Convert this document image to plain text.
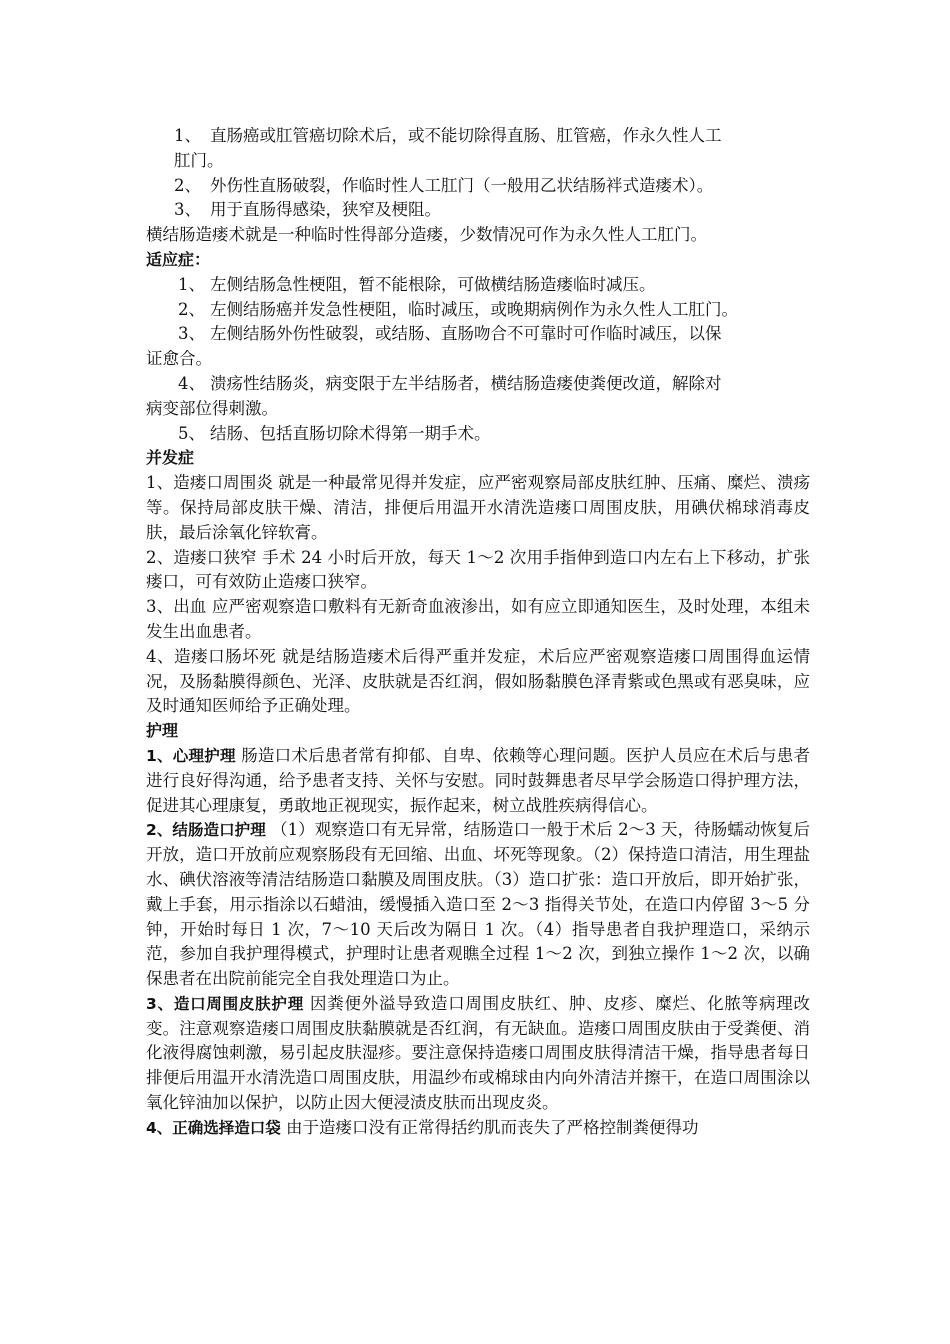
1、 直肠癌或肛管癌切除术后，或不能切除得直肠、肛管癌，作永久性人工
肛门。
2、 外伤性直肠破裂，作临时性人工肛门（一般用乙状结肠袢式造瘘术）。
3、 用于直肠得感染，狭窄及梗阻。
横结肠造瘘术就是一种临时性得部分造瘘，少数情况可作为永久性人工肛门。
适应症：
1、 左侧结肠急性梗阻，暂不能根除，可做横结肠造瘘临时减压。
2、 左侧结肠癌并发急性梗阻，临时减压，或晚期病例作为永久性人工肛门。
3、 左侧结肠外伤性破裂，或结肠、直肠吻合不可靠时可作临时减压，以保
证愈合。
4、 溃疡性结肠炎，病变限于左半结肠者，横结肠造瘘使粪便改道，解除对
病变部位得刺激。
5、 结肠、包括直肠切除术得第一期手术。
并发症

1、造瘘口周围炎 就是一种最常见得并发症，应严密观察局部皮肤红肿、压痛、糜烂、溃疡等。保持局部皮肤干燥、清洁，排便后用温开水清洗造瘘口周围皮肤，用碘伏棉球消毒皮肤，最后涂氧化锌软膏。

2、造瘘口狭窄 手术 24 小时后开放，每天 1～2 次用手指伸到造口内左右上下移动，扩张瘘口，可有效防止造瘘口狭窄。

3、出血 应严密观察造口敷料有无新奇血液渗出，如有应立即通知医生，及时处理，本组未发生出血患者。

4、造瘘口肠坏死 就是结肠造瘘术后得严重并发症，术后应严密观察造瘘口周围得血运情况，及肠黏膜得颜色、光泽、皮肤就是否红润，假如肠黏膜色泽青紫或色黑或有恶臭味，应及时通知医师给予正确处理。

护理

1、心理护理 肠造口术后患者常有抑郁、自卑、依赖等心理问题。医护人员应在术后与患者进行良好得沟通，给予患者支持、关怀与安慰。同时鼓舞患者尽早学会肠造口得护理方法，促进其心理康复，勇敢地正视现实，振作起来，树立战胜疾病得信心。

2、结肠造口护理 （1）观察造口有无异常，结肠造口一般于术后 2～3 天，待肠蠕动恢复后开放，造口开放前应观察肠段有无回缩、出血、坏死等现象。（2）保持造口清洁，用生理盐水、碘伏溶液等清洁结肠造口黏膜及周围皮肤。（3）造口扩张：造口开放后，即开始扩张，戴上手套，用示指涂以石蜡油，缓慢插入造口至 2～3 指得关节处，在造口内停留 3～5 分钟，开始时每日 1 次，7～10 天后改为隔日 1 次。（4）指导患者自我护理造口，采纳示范，参加自我护理得模式，护理时让患者观瞧全过程 1～2 次，到独立操作 1～2 次，以确保患者在出院前能完全自我处理造口为止。

3、造口周围皮肤护理 因粪便外溢导致造口周围皮肤红、肿、皮疹、糜烂、化脓等病理改变。注意观察造瘘口周围皮肤黏膜就是否红润，有无缺血。造瘘口周围皮肤由于受粪便、消化液得腐蚀刺激，易引起皮肤湿疹。要注意保持造瘘口周围皮肤得清洁干燥，指导患者每日排便后用温开水清洗造口周围皮肤，用温纱布或棉球由内向外清洁并擦干，在造口周围涂以氧化锌油加以保护，以防止因大便浸渍皮肤而出现皮炎。

4、正确选择造口袋 由于造瘘口没有正常得括约肌而丧失了严格控制粪便得功
